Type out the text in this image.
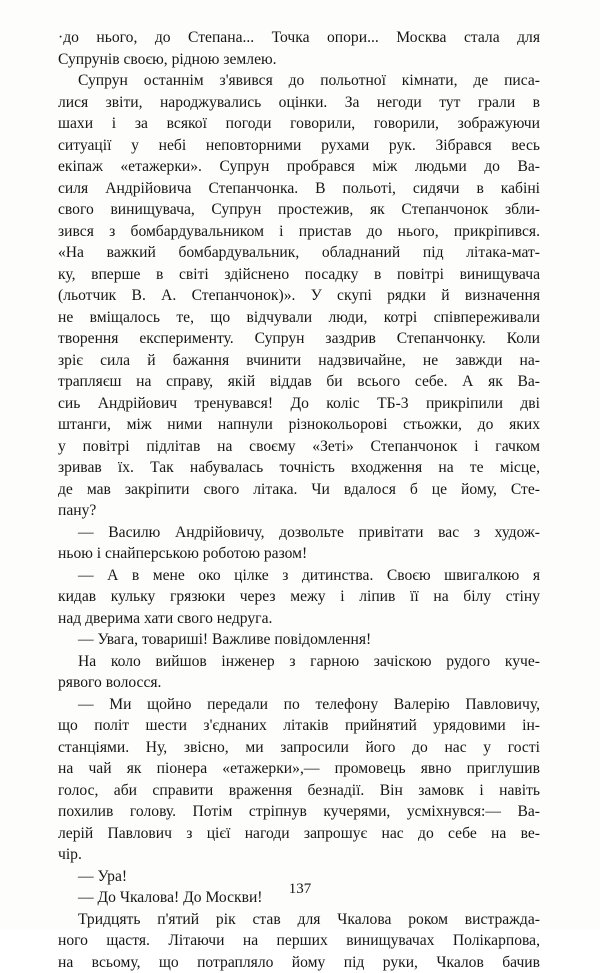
·до нього, до Степана... Точка опори... Москва стала для
Супрунів своєю, рідною землею.
Супрун останнім з'явився до польотної кімнати, де писа-
лися звіти, народжувались оцінки. За негоди тут грали в
шахи і за всякої погоди говорили, говорили, зображуючи
ситуації у небі неповторними рухами рук. Зібрався весь
екіпаж «етажерки». Супрун пробрався між людьми до Ва-
силя Андрійовича Степанчонка. В польоті, сидячи в кабіні
свого винищувача, Супрун простежив, як Степанчонок збли-
зився з бомбардувальником і пристав до нього, прикріпився.
«На важкий бомбардувальник, обладнаний під літака-мат-
ку, вперше в світі здійснено посадку в повітрі винищувача
(льотчик В. А. Степанчонок)». У скупі рядки й визначення
не вміщалось те, що відчували люди, котрі співпереживали
творення експерименту. Супрун заздрив Степанчонку. Коли
зріє сила й бажання вчинити надзвичайне, не завжди на-
трапляєш на справу, якій віддав би всього себе. А як Ва-
сиь Андрійович тренувався! До коліс ТБ-3 прикріпили дві
штанги, між ними напнули різнокольорові стьожки, до яких
у повітрі підлітав на своєму «Зеті» Степанчонок і гачком
зривав їх. Так набувалась точність входження на те місце,
де мав закріпити свого літака. Чи вдалося б це йому, Сте-
пану?
— Василю Андрійовичу, дозвольте привітати вас з худож-
ньою і снайперською роботою разом!
— А в мене око цілке з дитинства. Своєю швигалкою я
кидав кульку грязюки через межу і ліпив її на білу стіну
над дверима хати свого недруга.
— Увага, товариші! Важливе повідомлення!
На коло вийшов інженер з гарною зачіскою рудого куче-
рявого волосся.
— Ми щойно передали по телефону Валерію Павловичу,
що політ шести з'єднаних літаків прийнятий урядовими ін-
станціями. Ну, звісно, ми запросили його до нас у гості
на чай як піонера «етажерки»,— промовець явно приглушив
голос, аби справити враження безнадії. Він замовк і навіть
похилив голову. Потім стріпнув кучерями, усміхнувся:— Ва-
лерій Павлович з цієї нагоди запрошує нас до себе на ве-
чір.
— Ура!
— До Чкалова! До Москви!
Тридцять п'ятий рік став для Чкалова роком вистражда-
ного щастя. Літаючи на перших винищувачах Полікарпова,
на всьому, що потрапляло йому під руки, Чкалов бачив
137
